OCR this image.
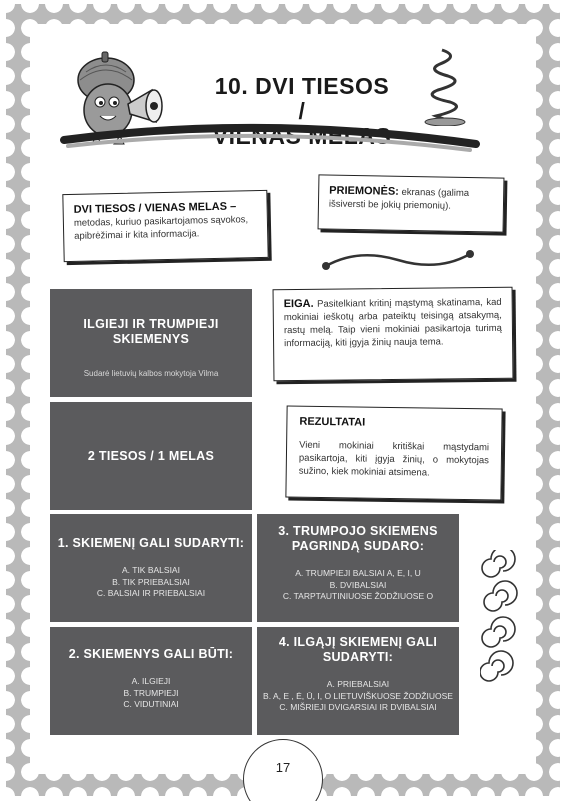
10. DVI TIESOS /
VIENAS MELAS
DVI TIESOS / VIENAS MELAS – metodas, kuriuo pasikartojamos sąvokos, apibrėžimai ir kita informacija.
PRIEMONĖS: ekranas (galima išsiversti be jokių priemonių).
EIGA. Pasitelkiant kritinį mąstymą skatinama, kad mokiniai ieškotų arba pateiktų teisingą atsakymą, rastų melą. Taip vieni mokiniai pasikartoja turimą informaciją, kiti įgyja žinių nauja tema.
REZULTATAI
Vieni mokiniai kritiškai mąstydami pasikartoja, kiti įgyja žinių, o mokytojas sužino, kiek mokiniai atsimena.
ILGIEJI IR TRUMPIEJI SKIEMENYS
Sudarė lietuvių kalbos mokytoja Vilma
2 TIESOS / 1 MELAS
1. SKIEMENĮ GALI SUDARYTI:
A. TIK BALSIAI
B. TIK PRIEBALSIAI
C. BALSIAI IR PRIEBALSIAI
3. TRUMPOJO SKIEMENS PAGRINDĄ SUDARO:
A. TRUMPIEJI BALSIAI A, E, I, U
B. DVIBALSIAI
C. TARPTAUTINIUOSE ŽODŽIUOSE O
2. SKIEMENYS GALI BŪTI:
A. ILGIEJI
B. TRUMPIEJI
C. VIDUTINIAI
4. ILGĄJĮ SKIEMENĮ GALI SUDARYTI:
A. PRIEBALSIAI
B. A, E , Ė, Ū, I, O LIETUVIŠKUOSE ŽODŽIUOSE
C. MIŠRIEJI DVIGARSIAI IR DVIBALSIAI
17
